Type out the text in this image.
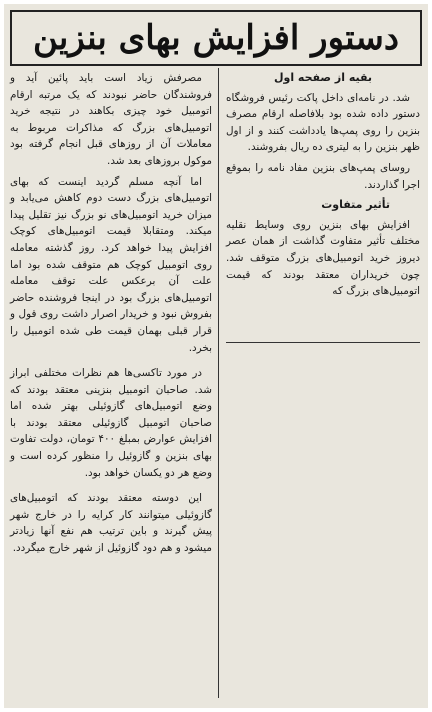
دستور افزایش بهای بنزین
بقیه از صفحه اول

شد. در نامه‌ای داخل پاکت رئیس فروشگاه دستور داده شده بود بلافاصله ارقام مصرف بنزین را روی پمپ‌ها یادداشت کنند و از اول ظهر بنزین را به لیتری ده ریال بفروشند.

روسای پمپ‌های بنزین مفاد نامه را بموقع اجرا گذاردند.

تأثیر متفاوت

افزایش بهای بنزین روی وسایط نقلیه مختلف تأثیر متفاوت گذاشت از همان عصر دیروز خرید اتومبیل‌های بزرگ متوقف شد. چون خریداران معتقد بودند که قیمت اتومبیل‌های بزرگ که

مصرفش زیاد است باید پائین آید و فروشندگان حاضر نبودند که یک مرتبه ارقام اتومبیل خود چیزی بکاهند در نتیجه خرید اتومبیل‌های بزرگ که مذاکرات مربوط به معاملات آن از روزهای قبل انجام گرفته بود موکول بروزهای بعد شد.

اما آنچه مسلم گردید اینست که بهای اتومبیل‌های بزرگ دست دوم کاهش می‌یابد و میزان خرید اتومبیل‌های نو بزرگ نیز تقلیل پیدا میکند. ومتقابلا قیمت اتومبیل‌های کوچک افزایش پیدا خواهد کرد. روز گذشته معامله روی اتومبیل کوچک هم متوقف شده بود اما علت آن برعکس علت توقف معامله اتومبیل‌های بزرگ بود در اینجا فروشنده حاضر بفروش نبود و خریدار اصرار داشت روی قول و قرار قبلی بهمان قیمت طی شده اتومبیل را بخرد.

در مورد تاکسی‌ها هم نظرات مختلفی ابراز شد. صاحبان اتومبیل بنزینی معتقد بودند که وضع اتومبیل‌های گازوئیلی بهتر شده اما صاحبان اتومبیل گازوئیلی معتقد بودند با افزایش عوارض بمبلغ ۴۰۰ تومان، دولت تفاوت بهای بنزین و گازوئیل را منظور کرده است و وضع هر دو یکسان خواهد بود.

این دوسته معتقد بودند که اتومبیل‌های گازوئیلی میتوانند کار کرایه را در خارج شهر پیش گیرند و باین ترتیب هم نفع آنها زیادتر میشود و هم دود گازوئیل از شهر خارج میگردد.
